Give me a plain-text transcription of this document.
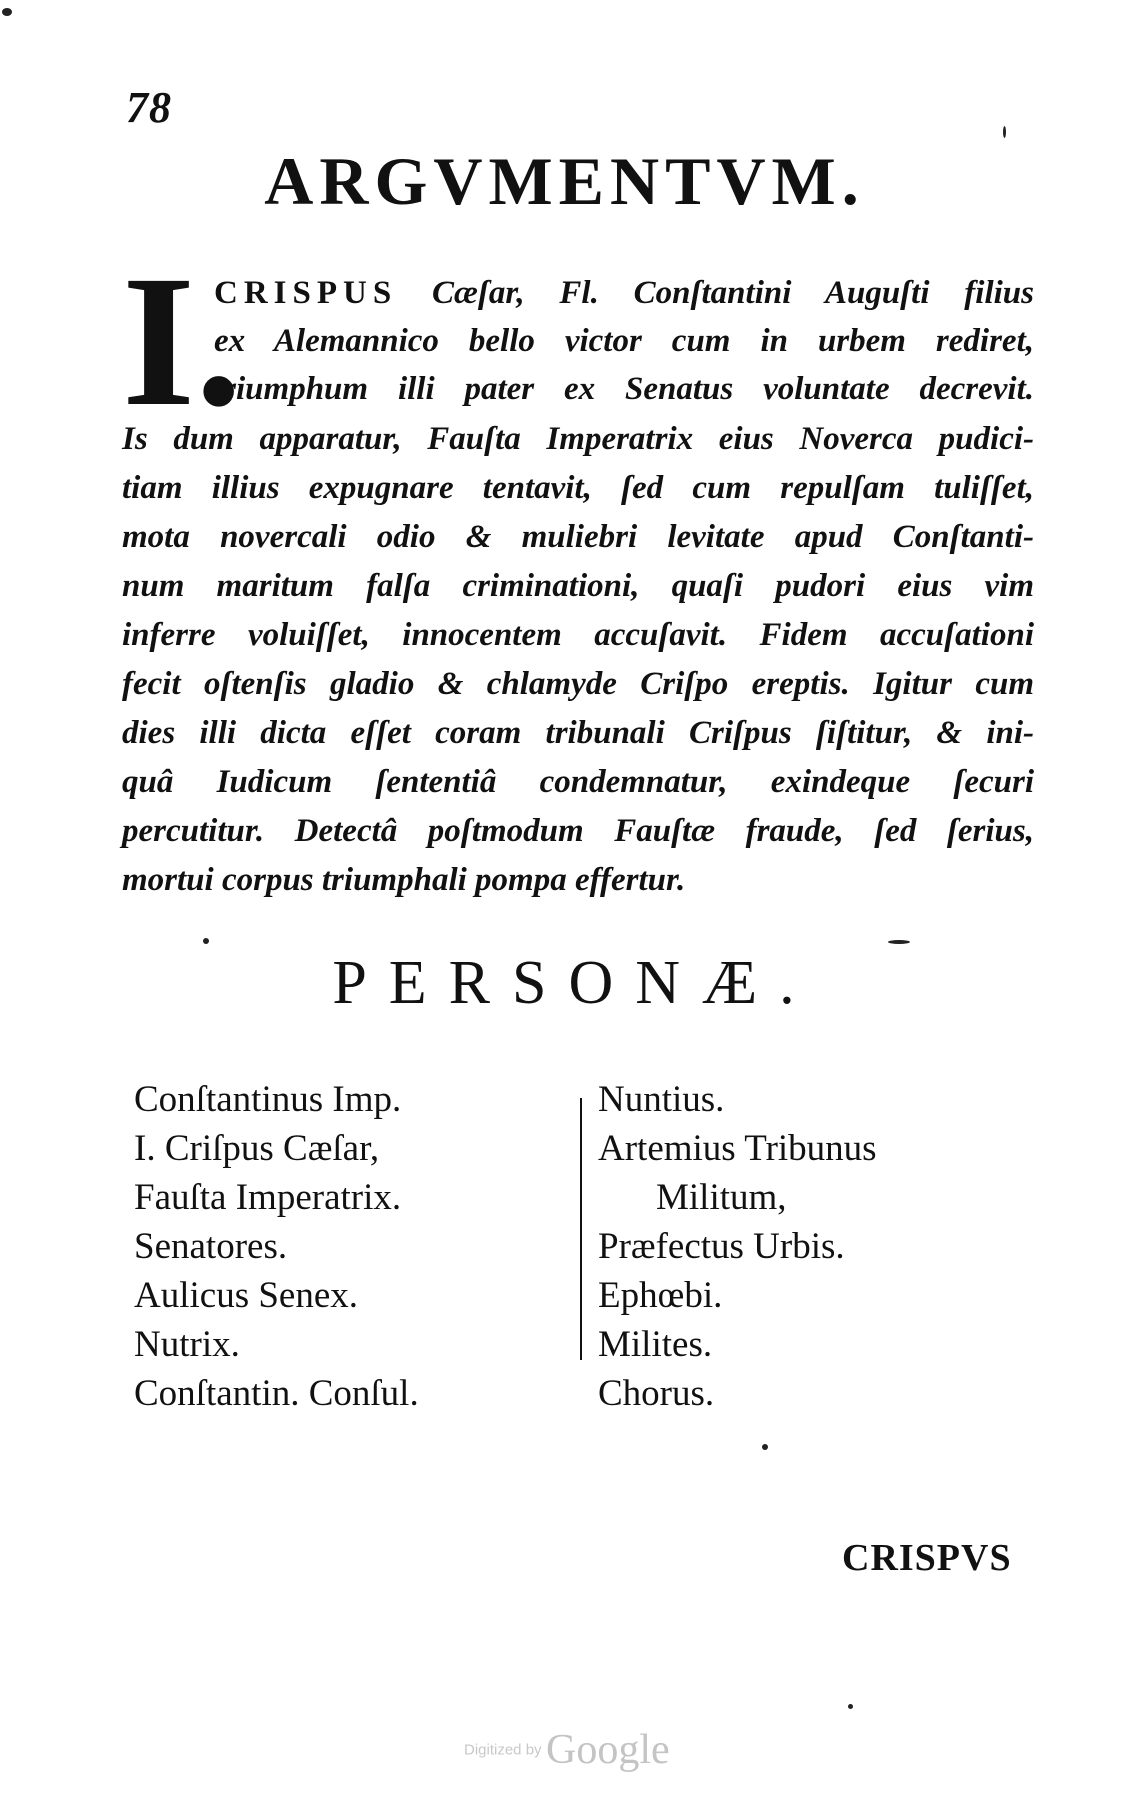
78
ARGVMENTVM.
I.
CRISPUS Cæſar, Fl. Conſtantini Auguſti filius
ex Alemannico bello victor cum in urbem rediret,
triumphum illi pater ex Senatus voluntate decrevit.
Is dum apparatur, Fauſta Imperatrix eius Noverca pudici-
tiam illius expugnare tentavit, ſed cum repulſam tuliſſet,
mota novercali odio & muliebri levitate apud Conſtanti-
num maritum falſa criminationi, quaſi pudori eius vim
inferre voluiſſet, innocentem accuſavit. Fidem accuſationi
fecit oſtenſis gladio & chlamyde Criſpo ereptis. Igitur cum
dies illi dicta eſſet coram tribunali Criſpus ſiſtitur, & ini-
quâ Iudicum ſententiâ condemnatur, exindeque ſecuri
percutitur. Detectâ poſtmodum Fauſtæ fraude, ſed ſerius,
mortui corpus triumphali pompa effertur.
PERSONÆ.
Conſtantinus Imp.
I. Criſpus Cæſar,
Fauſta Imperatrix.
Senatores.
Aulicus Senex.
Nutrix.
Conſtantin. Conſul.
Nuntius.
Artemius Tribunus
Militum,
Præfectus Urbis.
Ephœbi.
Milites.
Chorus.
CRISPVS
Digitized by Google
